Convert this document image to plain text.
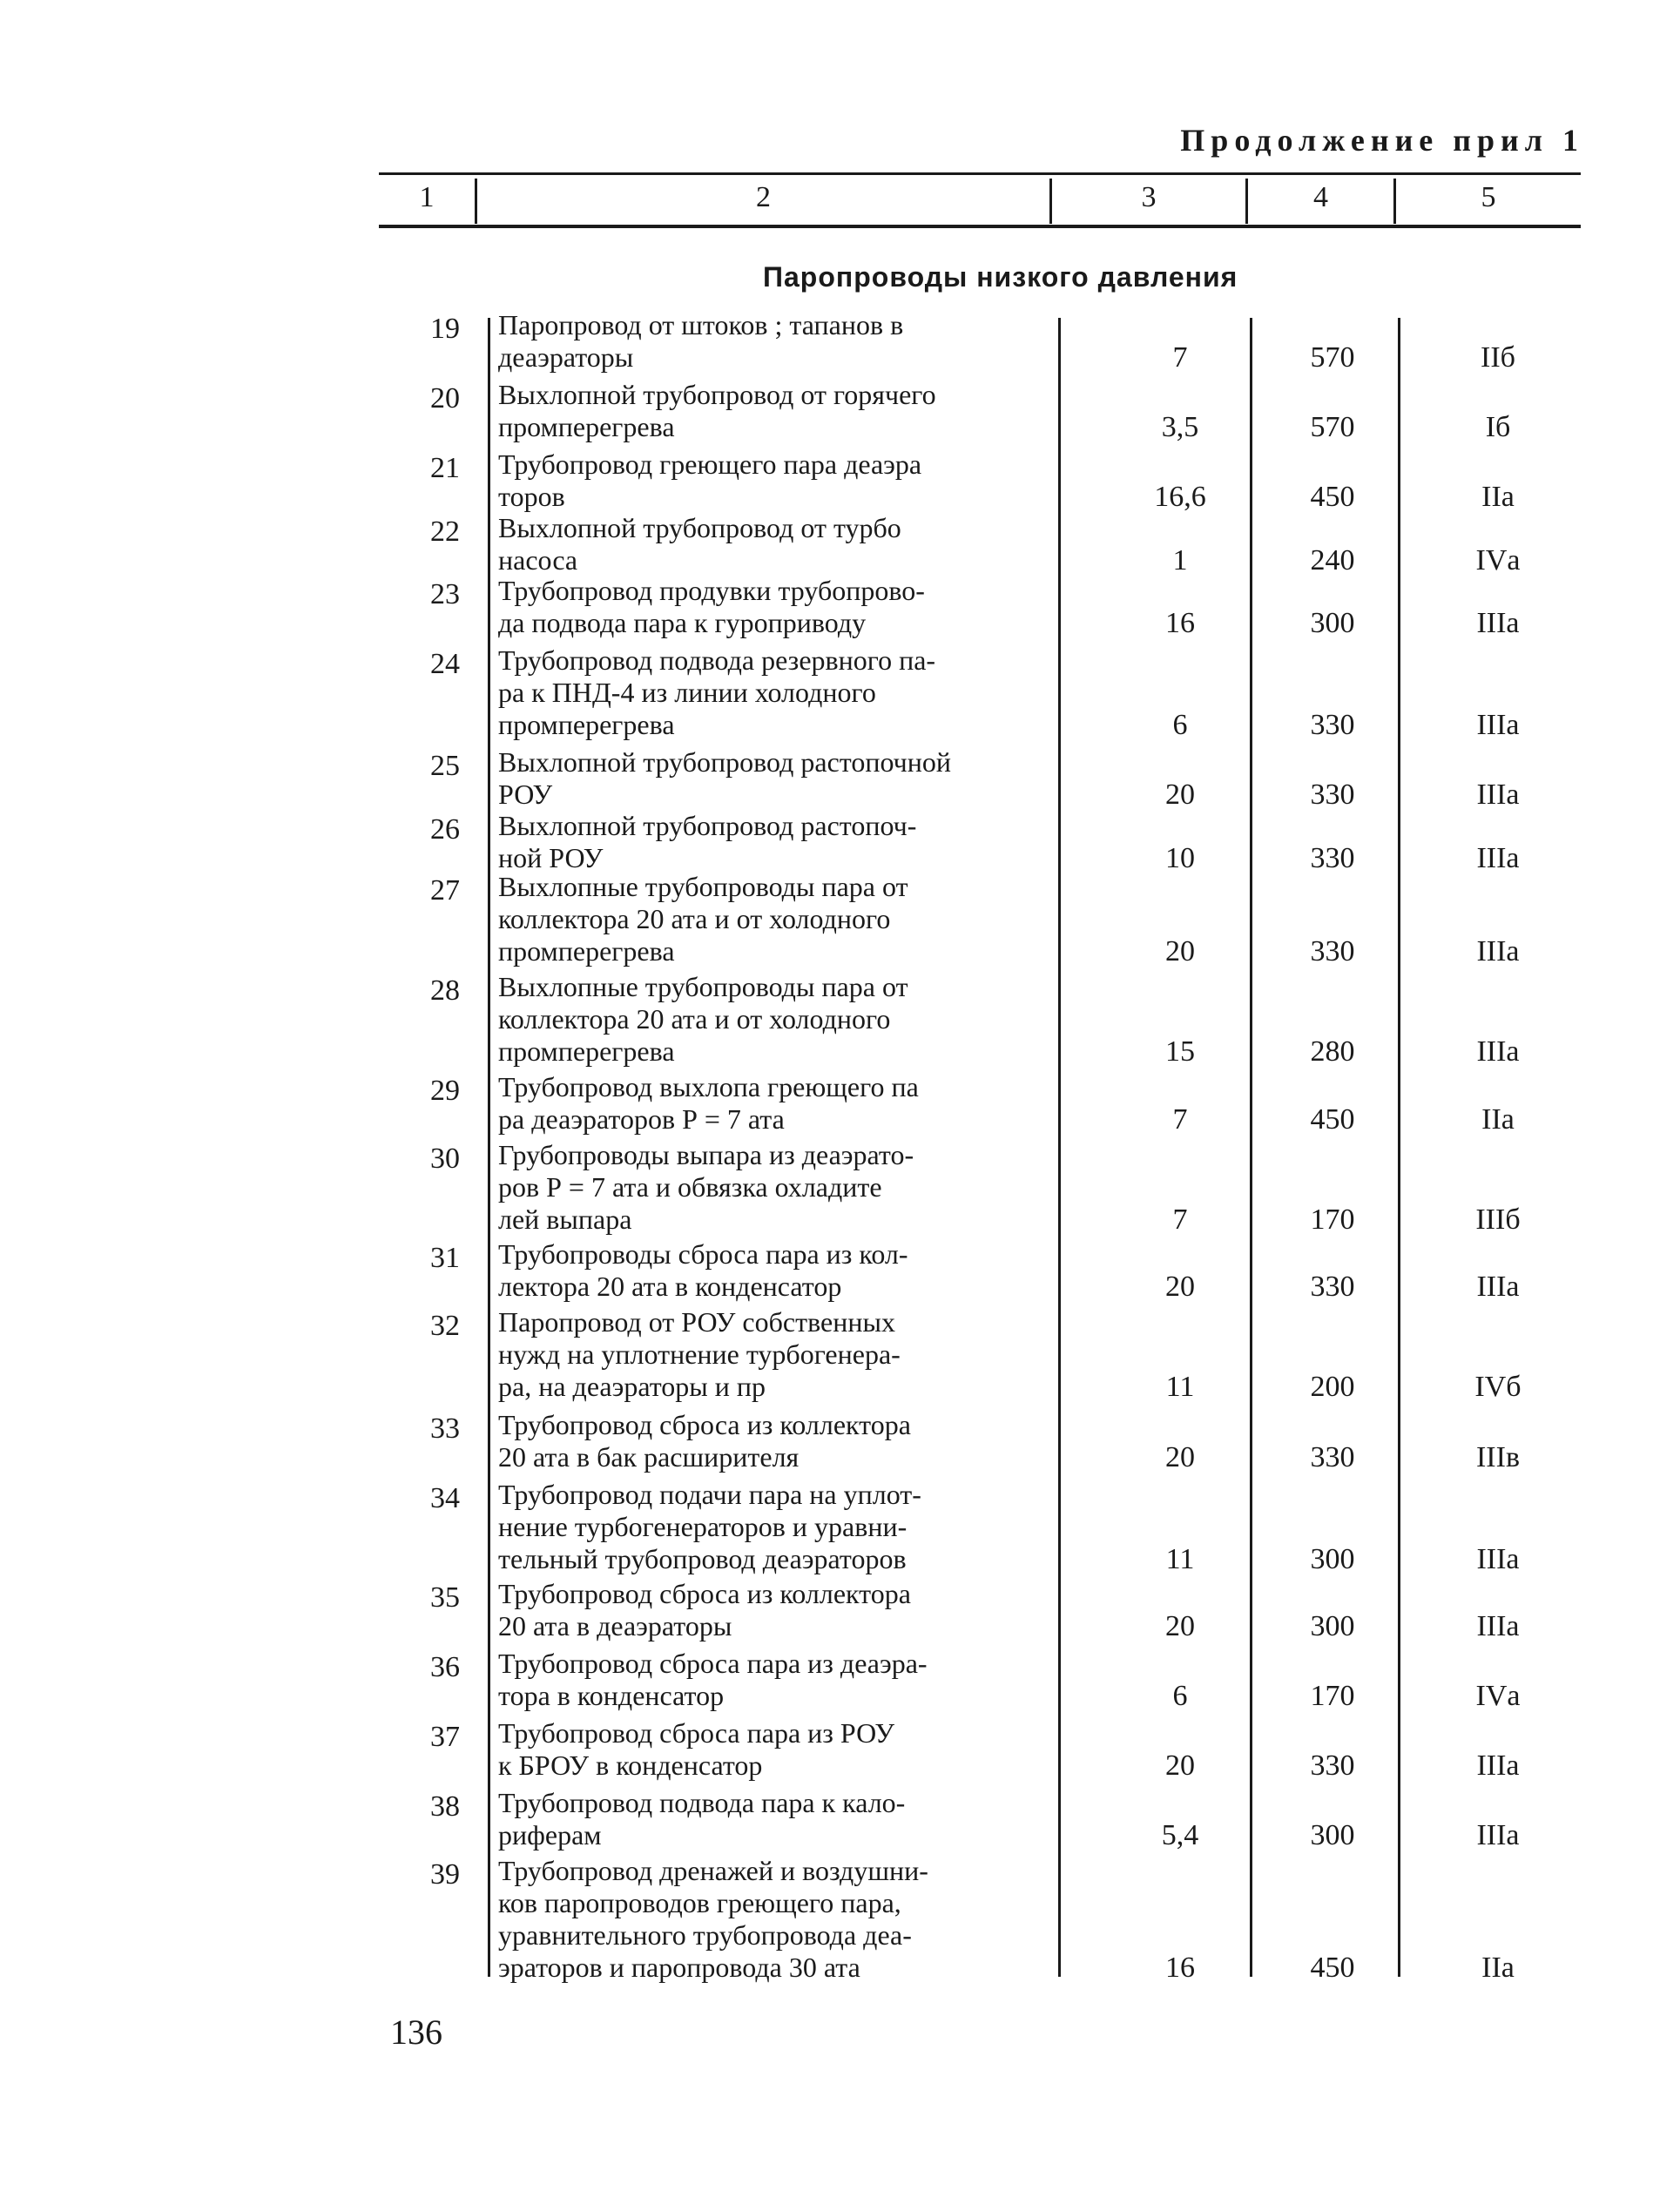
Продолжение прил 1
1	2	3	4	5
Паропроводы низкого давления
19 Паропровод от штоков ; тапанов в
деаэраторы	7	570	IIб
20 Выхлопной трубопровод от горячего
промперегрева	3,5	570	Iб
21 Трубопровод греющего пара деаэра
торов	16,6	450	IIа
22 Выхлопной трубопровод от турбо
насоса	1	240	IVа
23 Трубопровод продувки трубопрово-
да подвода пара к гуроприводу	16	300	IIIа
24 Трубопровод подвода резервного па-
ра к ПНД-4 из линии холодного
промперегрева	6	330	IIIа
25 Выхлопной трубопровод растопочной
РОУ	20	330	IIIа
26 Выхлопной трубопровод растопоч-
ной РОУ	10	330	IIIа
27 Выхлопные трубопроводы пара от
коллектора 20 ата и от холодного
промперегрева	20	330	IIIа
28 Выхлопные трубопроводы пара от
коллектора 20 ата и от холодного
промперегрева	15	280	IIIа
29 Трубопровод выхлопа греющего па
ра деаэраторов Р = 7 ата	7	450	IIа
30 Грубопроводы выпара из деаэрато-
ров Р = 7 ата и обвязка охладите
лей выпара	7	170	IIIб
31 Трубопроводы сброса пара из кол-
лектора 20 ата в конденсатор	20	330	IIIа
32 Паропровод от РОУ собственных
нужд на уплотнение турбогенера-
ра, на деаэраторы и пр	11	200	IVб
33 Трубопровод сброса из коллектора
20 ата в бак расширителя	20	330	IIIв
34 Трубопровод подачи пара на уплот-
нение турбогенераторов и уравни-
тельный трубопровод деаэраторов	11	300	IIIа
35 Трубопровод сброса из коллектора
20 ата в деаэраторы	20	300	IIIа
36 Трубопровод сброса пара из деаэра-
тора в конденсатор	6	170	IVа
37 Трубопровод сброса пара из РОУ
к БРОУ в конденсатор	20	330	IIIа
38 Трубопровод подвода пара к кало-
риферам	5,4	300	IIIа
39 Трубопровод дренажей и воздушни-
ков паропроводов греющего пара,
уравнительного трубопровода деа-
эраторов и паропровода 30 ата	16	450	IIа
136
